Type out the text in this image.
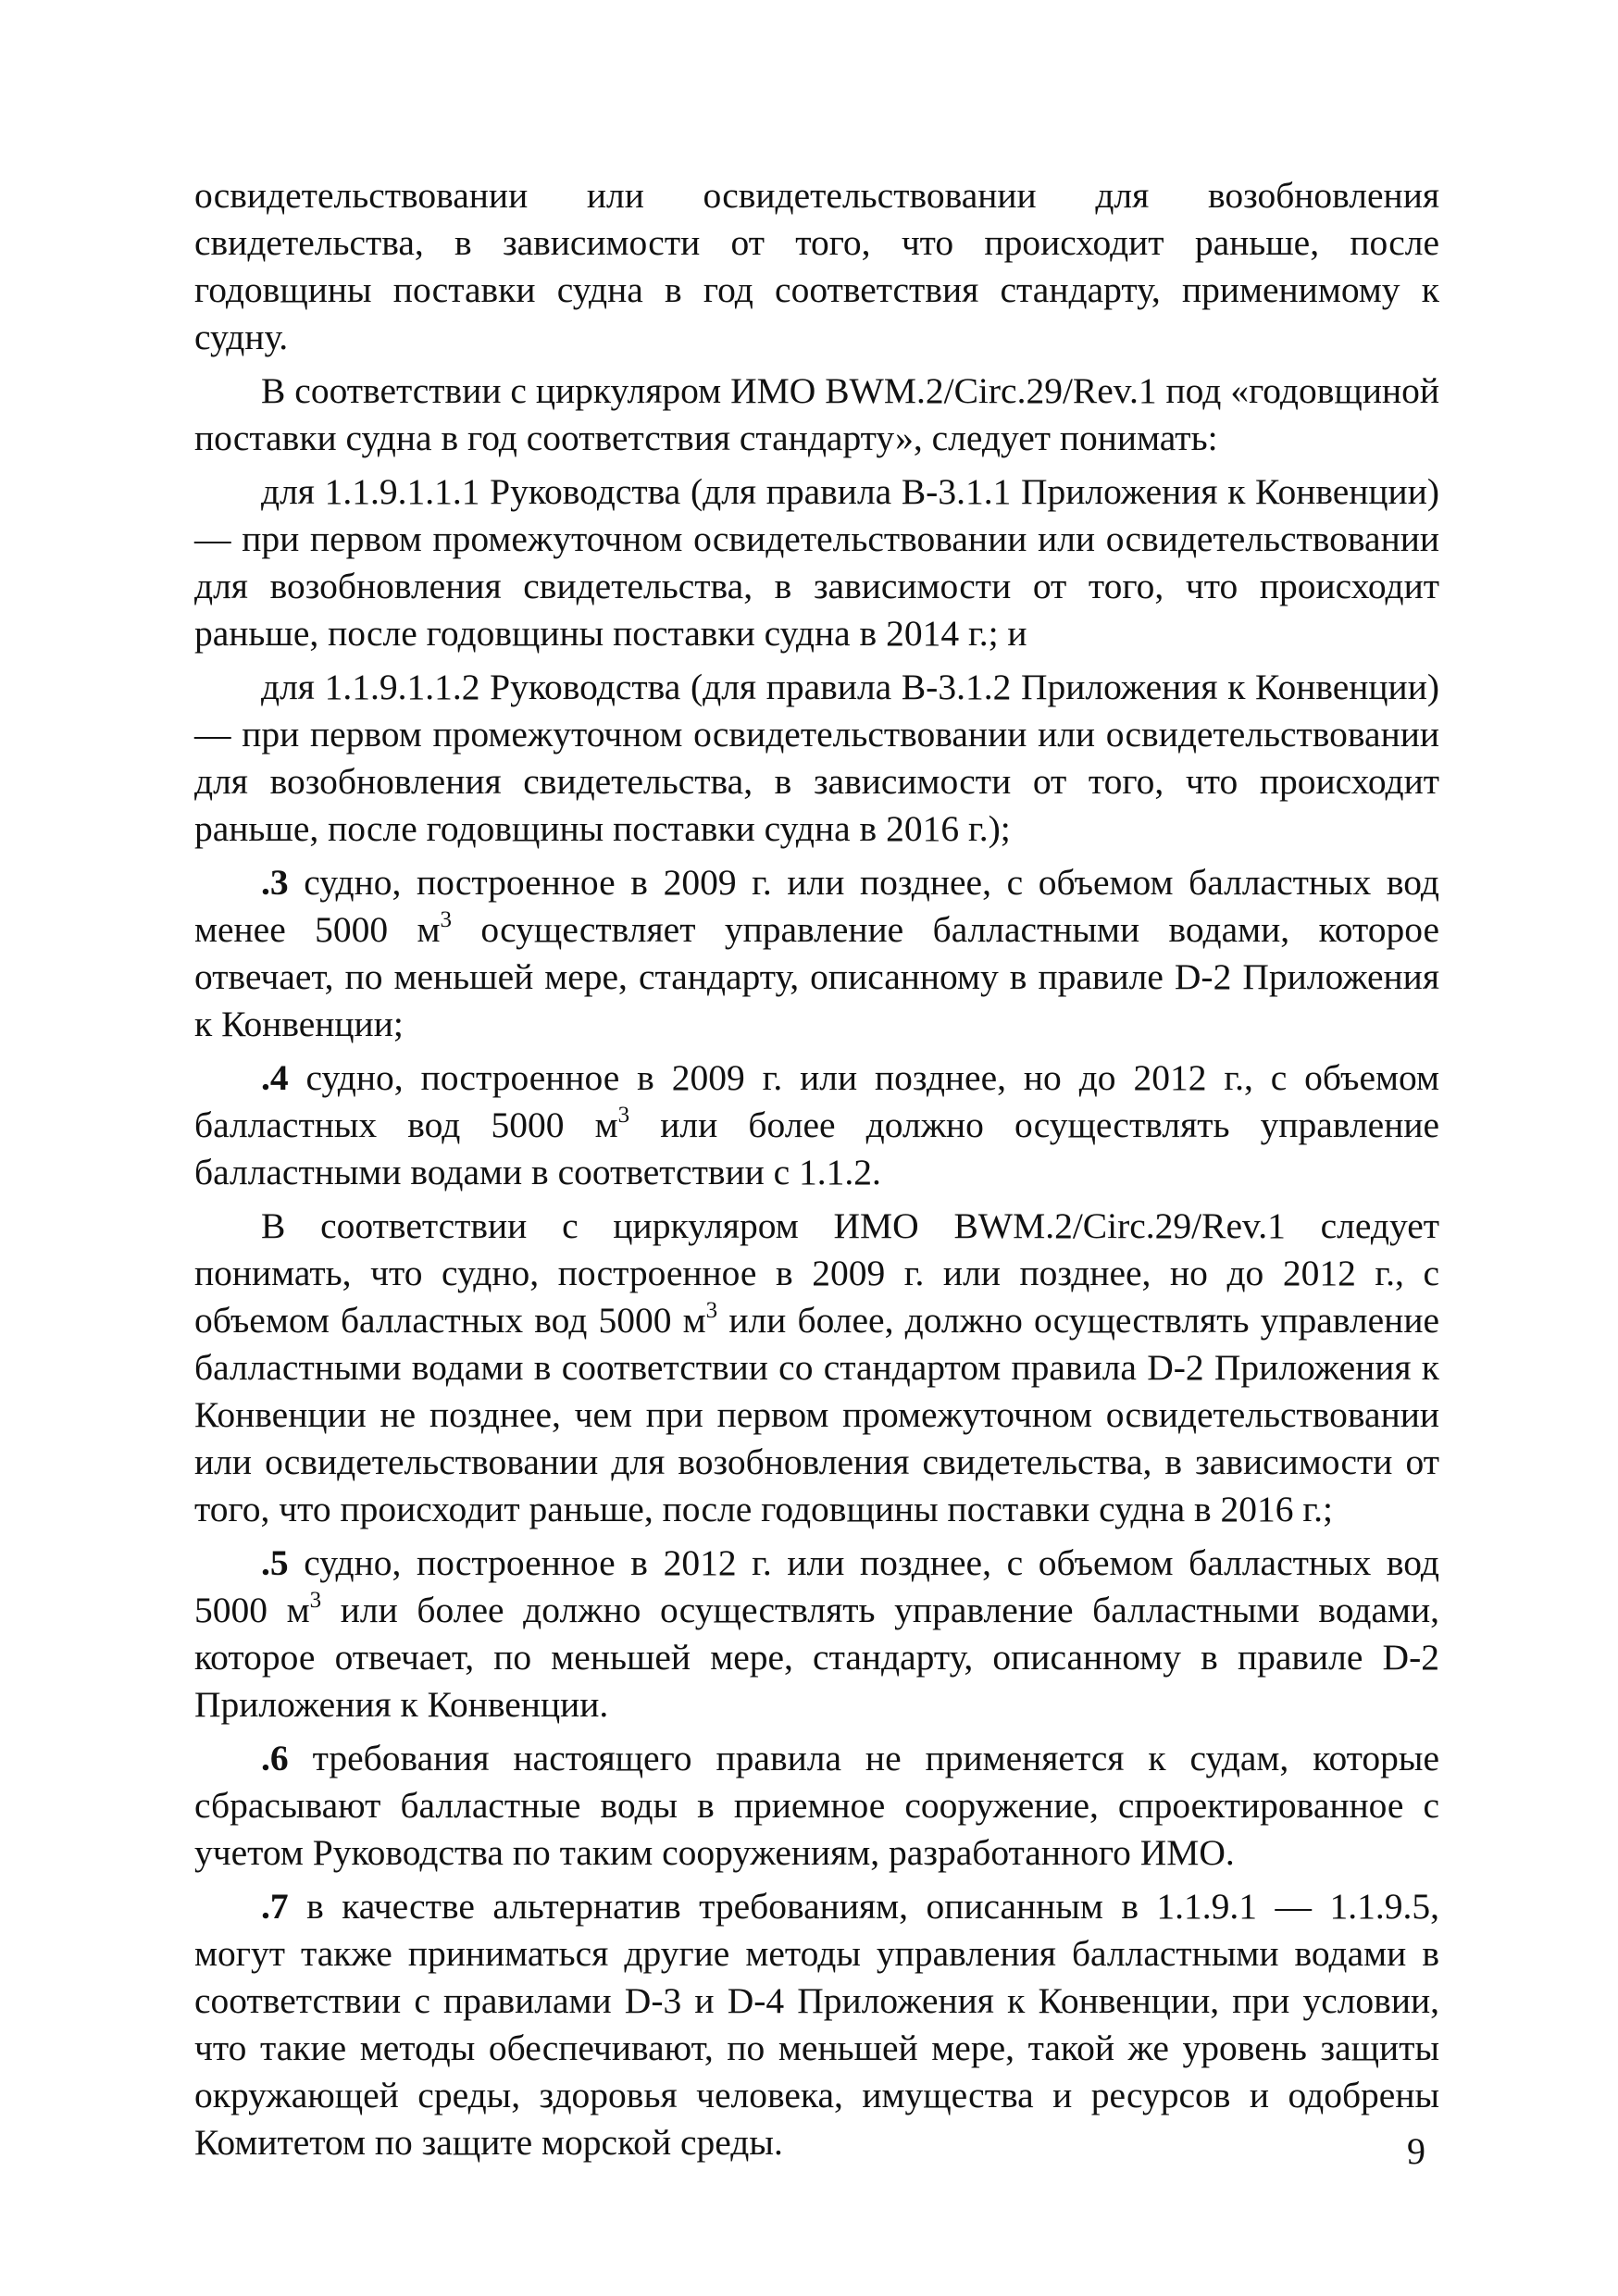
освидетельствовании или освидетельствовании для возобновления свидетельства, в зависимости от того, что происходит раньше, после годовщины поставки судна в год соответствия стандарту, применимому к судну.

В соответствии с циркуляром ИМО BWM.2/Circ.29/Rev.1 под «годовщиной поставки судна в год соответствия стандарту», следует понимать:

для 1.1.9.1.1.1 Руководства (для правила В-3.1.1 Приложения к Конвенции) — при первом промежуточном освидетельствовании или освидетельствовании для возобновления свидетельства, в зависимости от того, что происходит раньше, после годовщины поставки судна в 2014 г.; и

для 1.1.9.1.1.2 Руководства (для правила В-3.1.2 Приложения к Конвенции) — при первом промежуточном освидетельствовании или освидетельствовании для возобновления свидетельства, в зависимости от того, что происходит раньше, после годовщины поставки судна в 2016 г.);

.3 судно, построенное в 2009 г. или позднее, с объемом балластных вод менее 5000 $м^3$ осуществляет управление балластными водами, которое отвечает, по меньшей мере, стандарту, описанному в правиле D-2 Приложения к Конвенции;

.4 судно, построенное в 2009 г. или позднее, но до 2012 г., с объемом балластных вод 5000 $м^3$ или более должно осуществлять управление балластными водами в соответствии с 1.1.2.

В соответствии с циркуляром ИМО BWM.2/Circ.29/Rev.1 следует понимать, что судно, построенное в 2009 г. или позднее, но до 2012 г., с объемом балластных вод 5000 $м^3$ или более, должно осуществлять управление балластными водами в соответствии со стандартом правила D-2 Приложения к Конвенции не позднее, чем при первом промежуточном освидетельствовании или освидетельствовании для возобновления свидетельства, в зависимости от того, что происходит раньше, после годовщины поставки судна в 2016 г.;

.5 судно, построенное в 2012 г. или позднее, с объемом балластных вод 5000 $м^3$ или более должно осуществлять управление балластными водами, которое отвечает, по меньшей мере, стандарту, описанному в правиле D-2 Приложения к Конвенции.

.6 требования настоящего правила не применяется к судам, которые сбрасывают балластные воды в приемное сооружение, спроектированное с учетом Руководства по таким сооружениям, разработанного ИМО.

.7 в качестве альтернатив требованиям, описанным в 1.1.9.1 — 1.1.9.5, могут также приниматься другие методы управления балластными водами в соответствии с правилами D-3 и D-4 Приложения к Конвенции, при условии, что такие методы обеспечивают, по меньшей мере, такой же уровень защиты окружающей среды, здоровья человека, имущества и ресурсов и одобрены Комитетом по защите морской среды.	9
